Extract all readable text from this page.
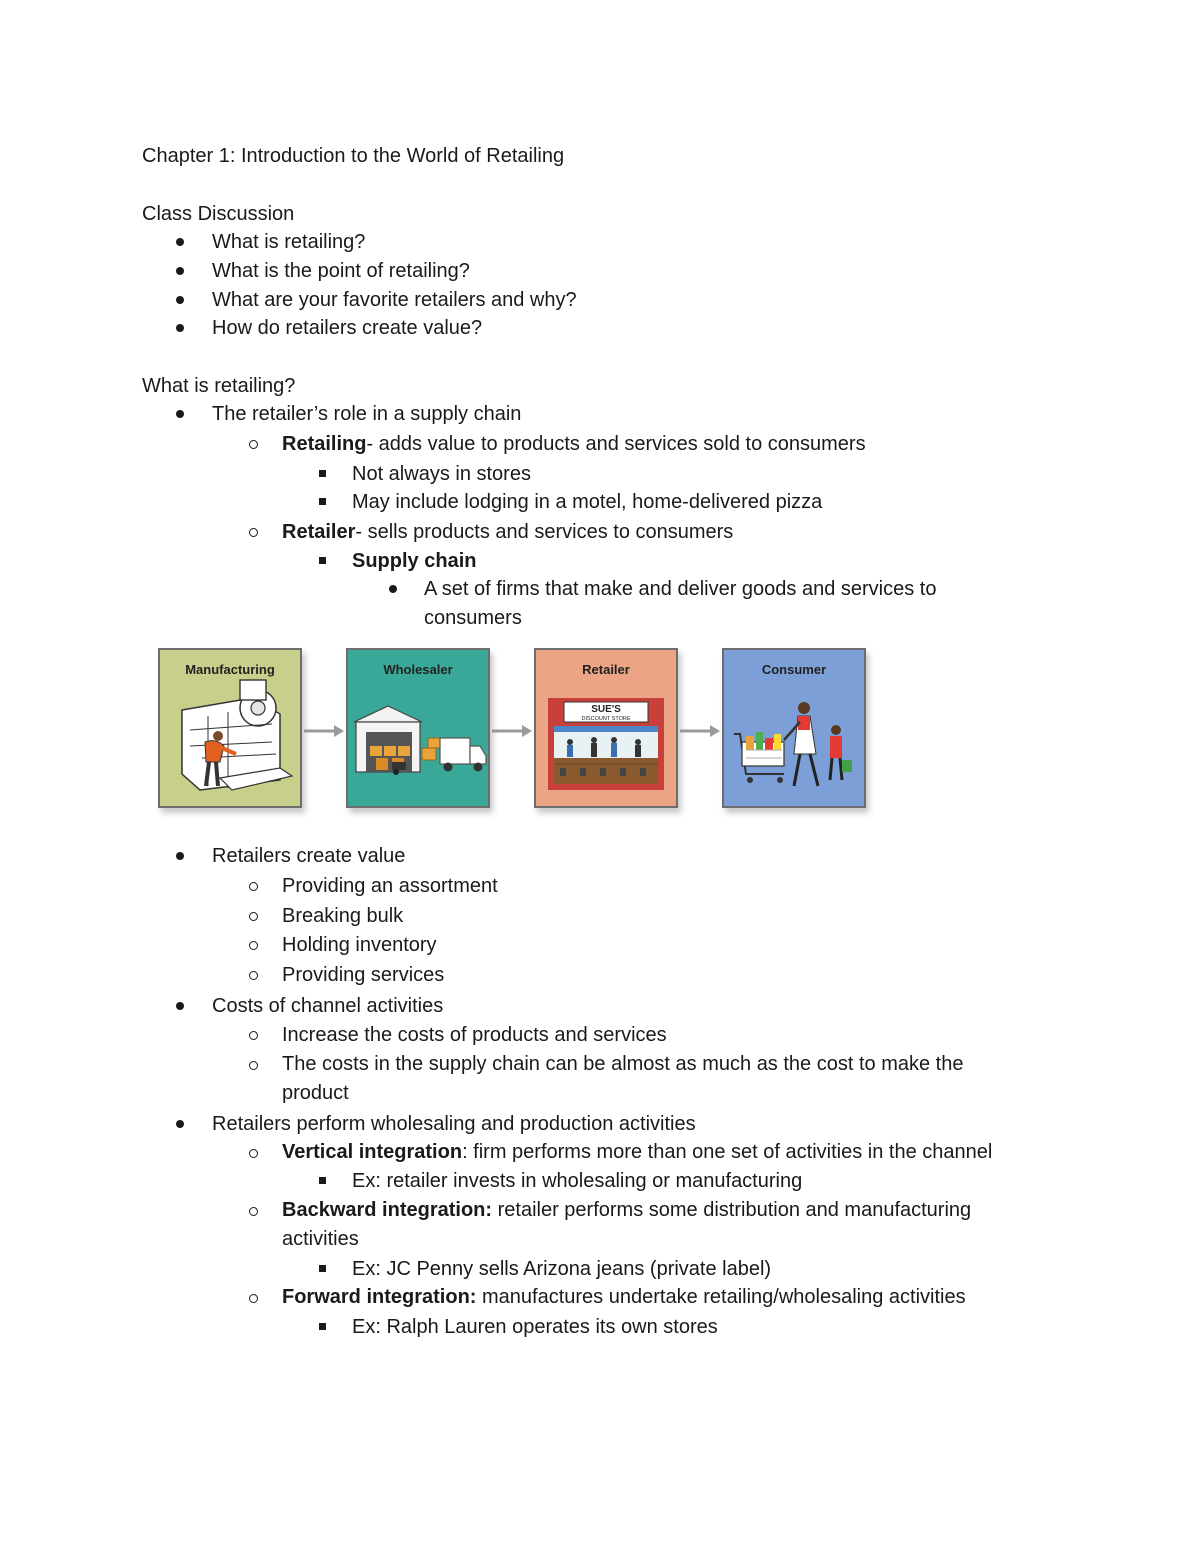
Chapter 1: Introduction to the World of Retailing
Class Discussion
What is retailing?
What is the point of retailing?
What are your favorite retailers and why?
How do retailers create value?
What is retailing?
The retailer’s role in a supply chain
Retailing- adds value to products and services sold to consumers
Not always in stores
May include lodging in a motel, home-delivered pizza
Retailer- sells products and services to consumers
Supply chain
A set of firms that make and deliver goods and services to consumers
Manufacturing	Wholesaler
SUE'S
DISCOUNT STORE
Retailer	Consumer
Retailers create value
Providing an assortment
Breaking bulk
Holding inventory
Providing services
Costs of channel activities
Increase the costs of products and services
The costs in the supply chain can be almost as much as the cost to make the product
Retailers perform wholesaling and production activities
Vertical integration: firm performs more than one set of activities in the channel
Ex: retailer invests in wholesaling or manufacturing
Backward integration: retailer performs some distribution and manufacturing activities
Ex: JC Penny sells Arizona jeans (private label)
Forward integration: manufactures undertake retailing/wholesaling activities
Ex: Ralph Lauren operates its own stores
